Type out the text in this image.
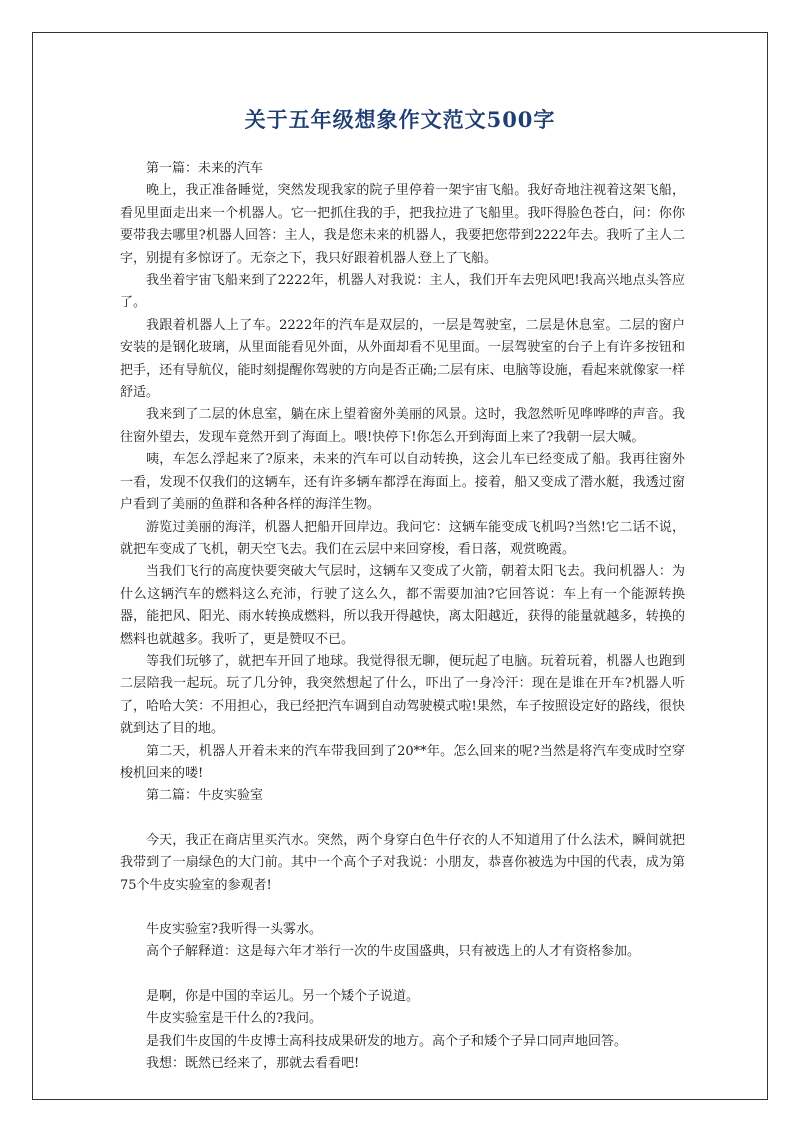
关于五年级想象作文范文500字

第一篇：未来的汽车

晚上，我正准备睡觉，突然发现我家的院子里停着一架宇宙飞船。我好奇地注视着这架飞船，看见里面走出来一个机器人。它一把抓住我的手，把我拉进了飞船里。我吓得脸色苍白，问：你你要带我去哪里?机器人回答：主人，我是您未来的机器人，我要把您带到2222年去。我听了主人二字，别提有多惊讶了。无奈之下，我只好跟着机器人登上了飞船。

我坐着宇宙飞船来到了2222年，机器人对我说：主人，我们开车去兜风吧!我高兴地点头答应了。

我跟着机器人上了车。2222年的汽车是双层的，一层是驾驶室，二层是休息室。二层的窗户安装的是钢化玻璃，从里面能看见外面，从外面却看不见里面。一层驾驶室的台子上有许多按钮和把手，还有导航仪，能时刻提醒你驾驶的方向是否正确;二层有床、电脑等设施，看起来就像家一样舒适。

我来到了二层的休息室，躺在床上望着窗外美丽的风景。这时，我忽然听见哗哗哗的声音。我往窗外望去，发现车竟然开到了海面上。喂!快停下!你怎么开到海面上来了?我朝一层大喊。

咦，车怎么浮起来了?原来，未来的汽车可以自动转换，这会儿车已经变成了船。我再往窗外一看，发现不仅我们的这辆车，还有许多辆车都浮在海面上。接着，船又变成了潜水艇，我透过窗户看到了美丽的鱼群和各种各样的海洋生物。

游览过美丽的海洋，机器人把船开回岸边。我问它：这辆车能变成飞机吗?当然!它二话不说，就把车变成了飞机，朝天空飞去。我们在云层中来回穿梭，看日落，观赏晚霞。

当我们飞行的高度快要突破大气层时，这辆车又变成了火箭，朝着太阳飞去。我问机器人：为什么这辆汽车的燃料这么充沛，行驶了这么久，都不需要加油?它回答说：车上有一个能源转换器，能把风、阳光、雨水转换成燃料，所以我开得越快，离太阳越近，获得的能量就越多，转换的燃料也就越多。我听了，更是赞叹不已。

等我们玩够了，就把车开回了地球。我觉得很无聊，便玩起了电脑。玩着玩着，机器人也跑到二层陪我一起玩。玩了几分钟，我突然想起了什么，吓出了一身冷汗：现在是谁在开车?机器人听了，哈哈大笑：不用担心，我已经把汽车调到自动驾驶模式啦!果然，车子按照设定好的路线，很快就到达了目的地。

第二天，机器人开着未来的汽车带我回到了20**年。怎么回来的呢?当然是将汽车变成时空穿梭机回来的喽!

第二篇：牛皮实验室

今天，我正在商店里买汽水。突然，两个身穿白色牛仔衣的人不知道用了什么法术，瞬间就把我带到了一扇绿色的大门前。其中一个高个子对我说：小朋友，恭喜你被选为中国的代表，成为第75个牛皮实验室的参观者!

牛皮实验室?我听得一头雾水。

高个子解释道：这是每六年才举行一次的牛皮国盛典，只有被选上的人才有资格参加。

是啊，你是中国的幸运儿。另一个矮个子说道。

牛皮实验室是干什么的?我问。

是我们牛皮国的牛皮博士高科技成果研发的地方。高个子和矮个子异口同声地回答。

我想：既然已经来了，那就去看看吧!
